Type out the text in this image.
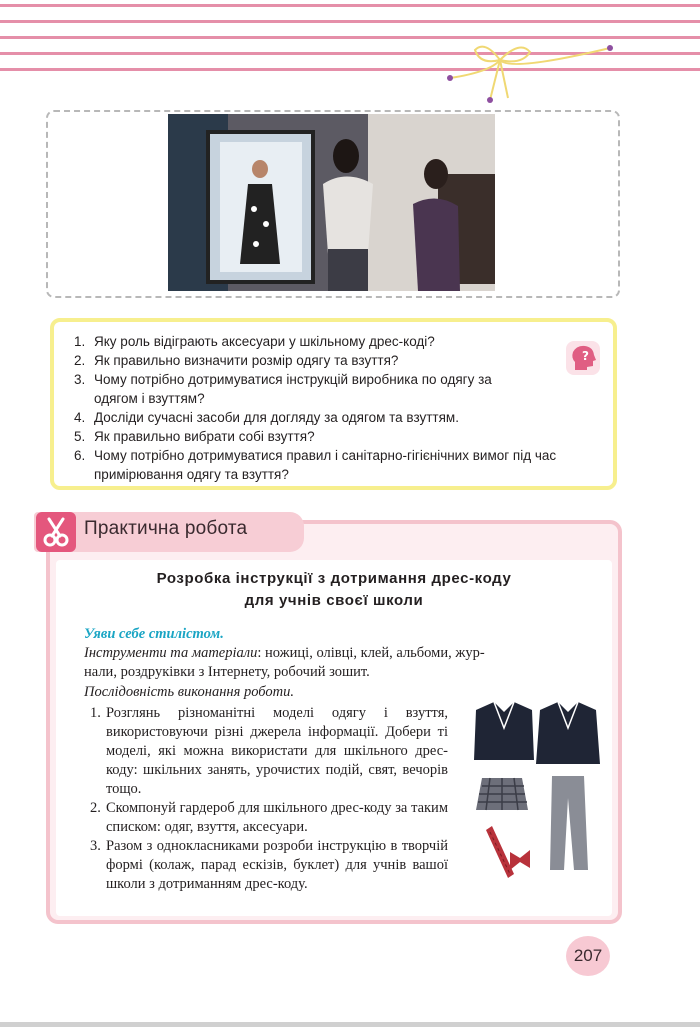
1. Яку роль відіграють аксесуари у шкільному дрес-коді?
2. Як правильно визначити розмір одягу та взуття?
3. Чому потрібно дотримуватися інструкцій виробника по одягу за одягом і взуттям?
4. Досліди сучасні засоби для догляду за одягом та взуттям.
5. Як правильно вибрати собі взуття?
6. Чому потрібно дотримуватися правил і санітарно-гігієнічних вимог під час примірювання одягу та взуття?
?
Практична робота
Розробка інструкції з дотримання дрес-коду
для учнів своєї школи
Уяви себе стилістом.
Інструменти та матеріали: ножиці, олівці, клей, альбоми, жур-
нали, роздруківки з Інтернету, робочий зошит.
Послідовність виконання роботи.
1. Розглянь різноманітні моделі одягу і взуття, використовуючи різні джерела інформації. Добери ті моделі, які можна використати для шкільного дрес-коду: шкільних занять, урочистих подій, свят, вечорів тощо.
2. Скомпонуй гардероб для шкільного дрес-коду за таким списком: одяг, взуття, аксесуари.
3. Разом з однокласниками розроби інструкцію в творчій формі (колаж, парад ескізів, буклет) для учнів вашої школи з дотриманням дрес-коду.
207
